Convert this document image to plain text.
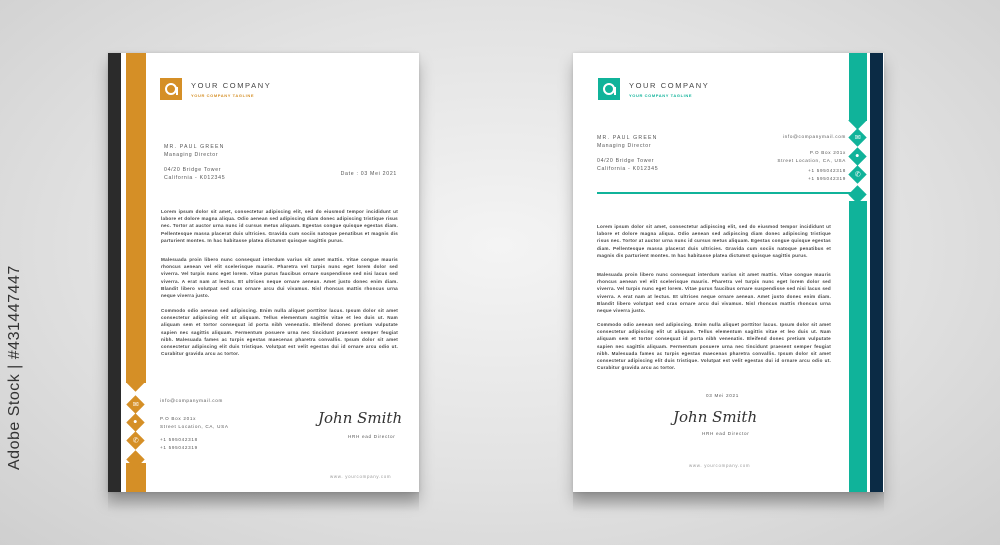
Adobe Stock | #431447447	✉
●
✆
YOUR COMPANY
YOUR COMPANY TAGLINE
MR. PAUL GREEN
Managing Director
04/20 Bridge Tower
California - K012345
Date : 03 Mei 2021
Lorem ipsum dolor sit amet, consectetur adipiscing elit, sed do eiusmod tempor incididunt ut labore et dolore magna aliqua. Odio aenean sed adipiscing diam donec adipiscing tristique risus nec. Tortor at auctor urna nunc id cursus metus aliquam. Egestas congue quisque egestas diam. Pellentesque massa placerat duis ultricies. Gravida cum sociis natoque penatibus et magnis dis parturient montes. In hac habitasse platea dictumst quisque sagittis purus.
Malesuada proin libero nunc consequat interdum varius sit amet mattis. Vitae congue mauris rhoncus aenean vel elit scelerisque mauris. Pharetra vel turpis nunc eget lorem dolor sed viverra. Vel turpis nunc eget lorem. Vitae purus faucibus ornare suspendisse sed nisi lacus sed viverra. A erat nam at lectus. Et ultrices neque ornare aenean. Amet justo donec enim diam. Blandit libero volutpat sed cras ornare arcu dui vivamus. Nisl rhoncus mattis rhoncus urna neque viverra justo.
Commodo odio aenean sed adipiscing. Enim nulla aliquet porttitor lacus. Ipsum dolor sit amet consectetur adipiscing elit ut aliquam. Tellus elementum sagittis vitae et leo duis ut. Nam aliquam sem et tortor consequat id porta nibh venenatis. Eleifend donec pretium vulputate sapien nec sagittis aliquam. Fermentum posuere urna nec tincidunt praesent semper feugiat nibh. Malesuada fames ac turpis egestas maecenas pharetra convallis. Ipsum dolor sit amet consectetur adipiscing elit duis tristique. Volutpat est velit egestas dui id ornare arcu odio ut. Curabitur gravida arcu ac tortor.
info@companymail.com
P.O Box 201x
Street Location, CA, USA
+1 595042318
+1 595042319
John Smith
HRH ead Director
www. yourcompany.com
✉
●
✆
YOUR COMPANY
YOUR COMPANY TAGLINE
MR. PAUL GREEN
Managing Director
04/20 Bridge Tower
California - K012345
info@companymail.com
P.O Box 201x
Street Location, CA, USA
+1 595042318
+1 595042319
Lorem ipsum dolor sit amet, consectetur adipiscing elit, sed do eiusmod tempor incididunt ut labore et dolore magna aliqua. Odio aenean sed adipiscing diam donec adipiscing tristique risus nec. Tortor at auctor urna nunc id cursus metus aliquam. Egestas congue quisque egestas diam. Pellentesque massa placerat duis ultricies. Gravida cum sociis natoque penatibus et magnis dis parturient montes. In hac habitasse platea dictumst quisque sagittis purus.
Malesuada proin libero nunc consequat interdum varius sit amet mattis. Vitae congue mauris rhoncus aenean vel elit scelerisque mauris. Pharetra vel turpis nunc eget lorem dolor sed viverra. Vel turpis nunc eget lorem. Vitae purus faucibus ornare suspendisse sed nisi lacus sed viverra. A erat nam at lectus. Et ultrices neque ornare aenean. Amet justo donec enim diam. Blandit libero volutpat sed cras ornare arcu dui vivamus. Nisl rhoncus mattis rhoncus urna neque viverra justo.
Commodo odio aenean sed adipiscing. Enim nulla aliquet porttitor lacus. Ipsum dolor sit amet consectetur adipiscing elit ut aliquam. Tellus elementum sagittis vitae et leo duis ut. Nam aliquam sem et tortor consequat id porta nibh venenatis. Eleifend donec pretium vulputate sapien nec sagittis aliquam. Fermentum posuere urna nec tincidunt praesent semper feugiat nibh. Malesuada fames ac turpis egestas maecenas pharetra convallis. Ipsum dolor sit amet consectetur adipiscing elit duis tristique. Volutpat est velit egestas dui id ornare arcu odio ut. Curabitur gravida arcu ac tortor.
03 Mei 2021
John Smith
HRH ead Director
www. yourcompany.com
